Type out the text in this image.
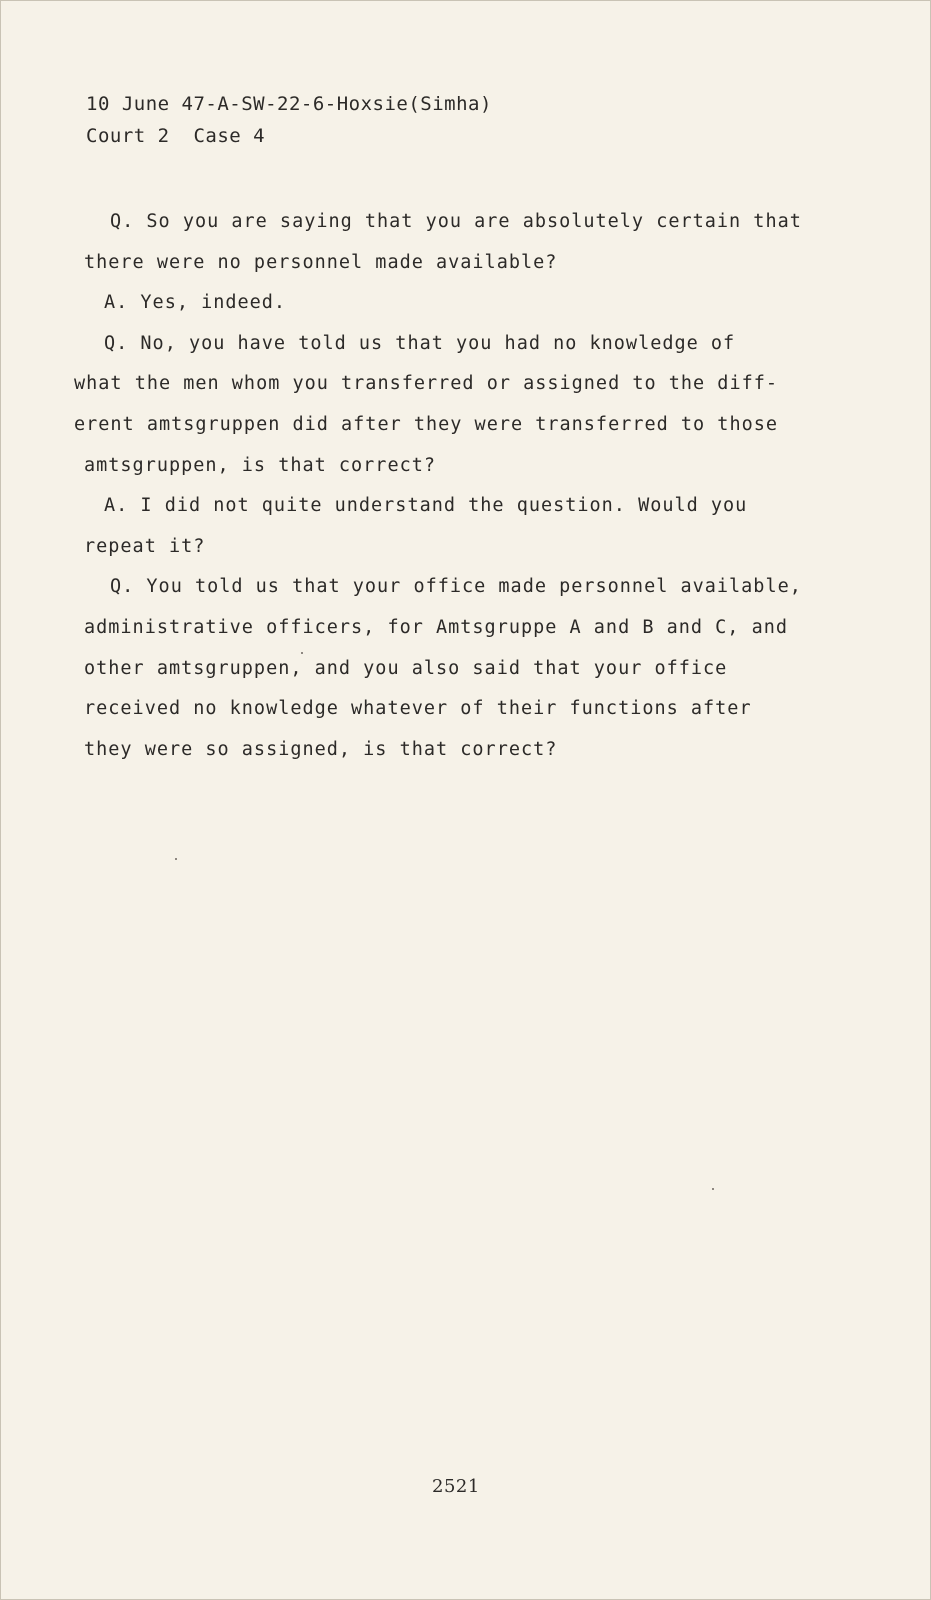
10 June 47-A-SW-22-6-Hoxsie(Simha)
Court 2  Case 4
Q. So you are saying that you are absolutely certain that
there were no personnel made available?
A. Yes, indeed.
Q. No, you have told us that you had no knowledge of
what the men whom you transferred or assigned to the diff-
erent amtsgruppen did after they were transferred to those
amtsgruppen, is that correct?
A. I did not quite understand the question. Would you
repeat it?
Q. You told us that your office made personnel available,
administrative officers, for Amtsgruppe A and B and C, and
other amtsgruppen, and you also said that your office
received no knowledge whatever of their functions after
they were so assigned, is that correct?
2521
